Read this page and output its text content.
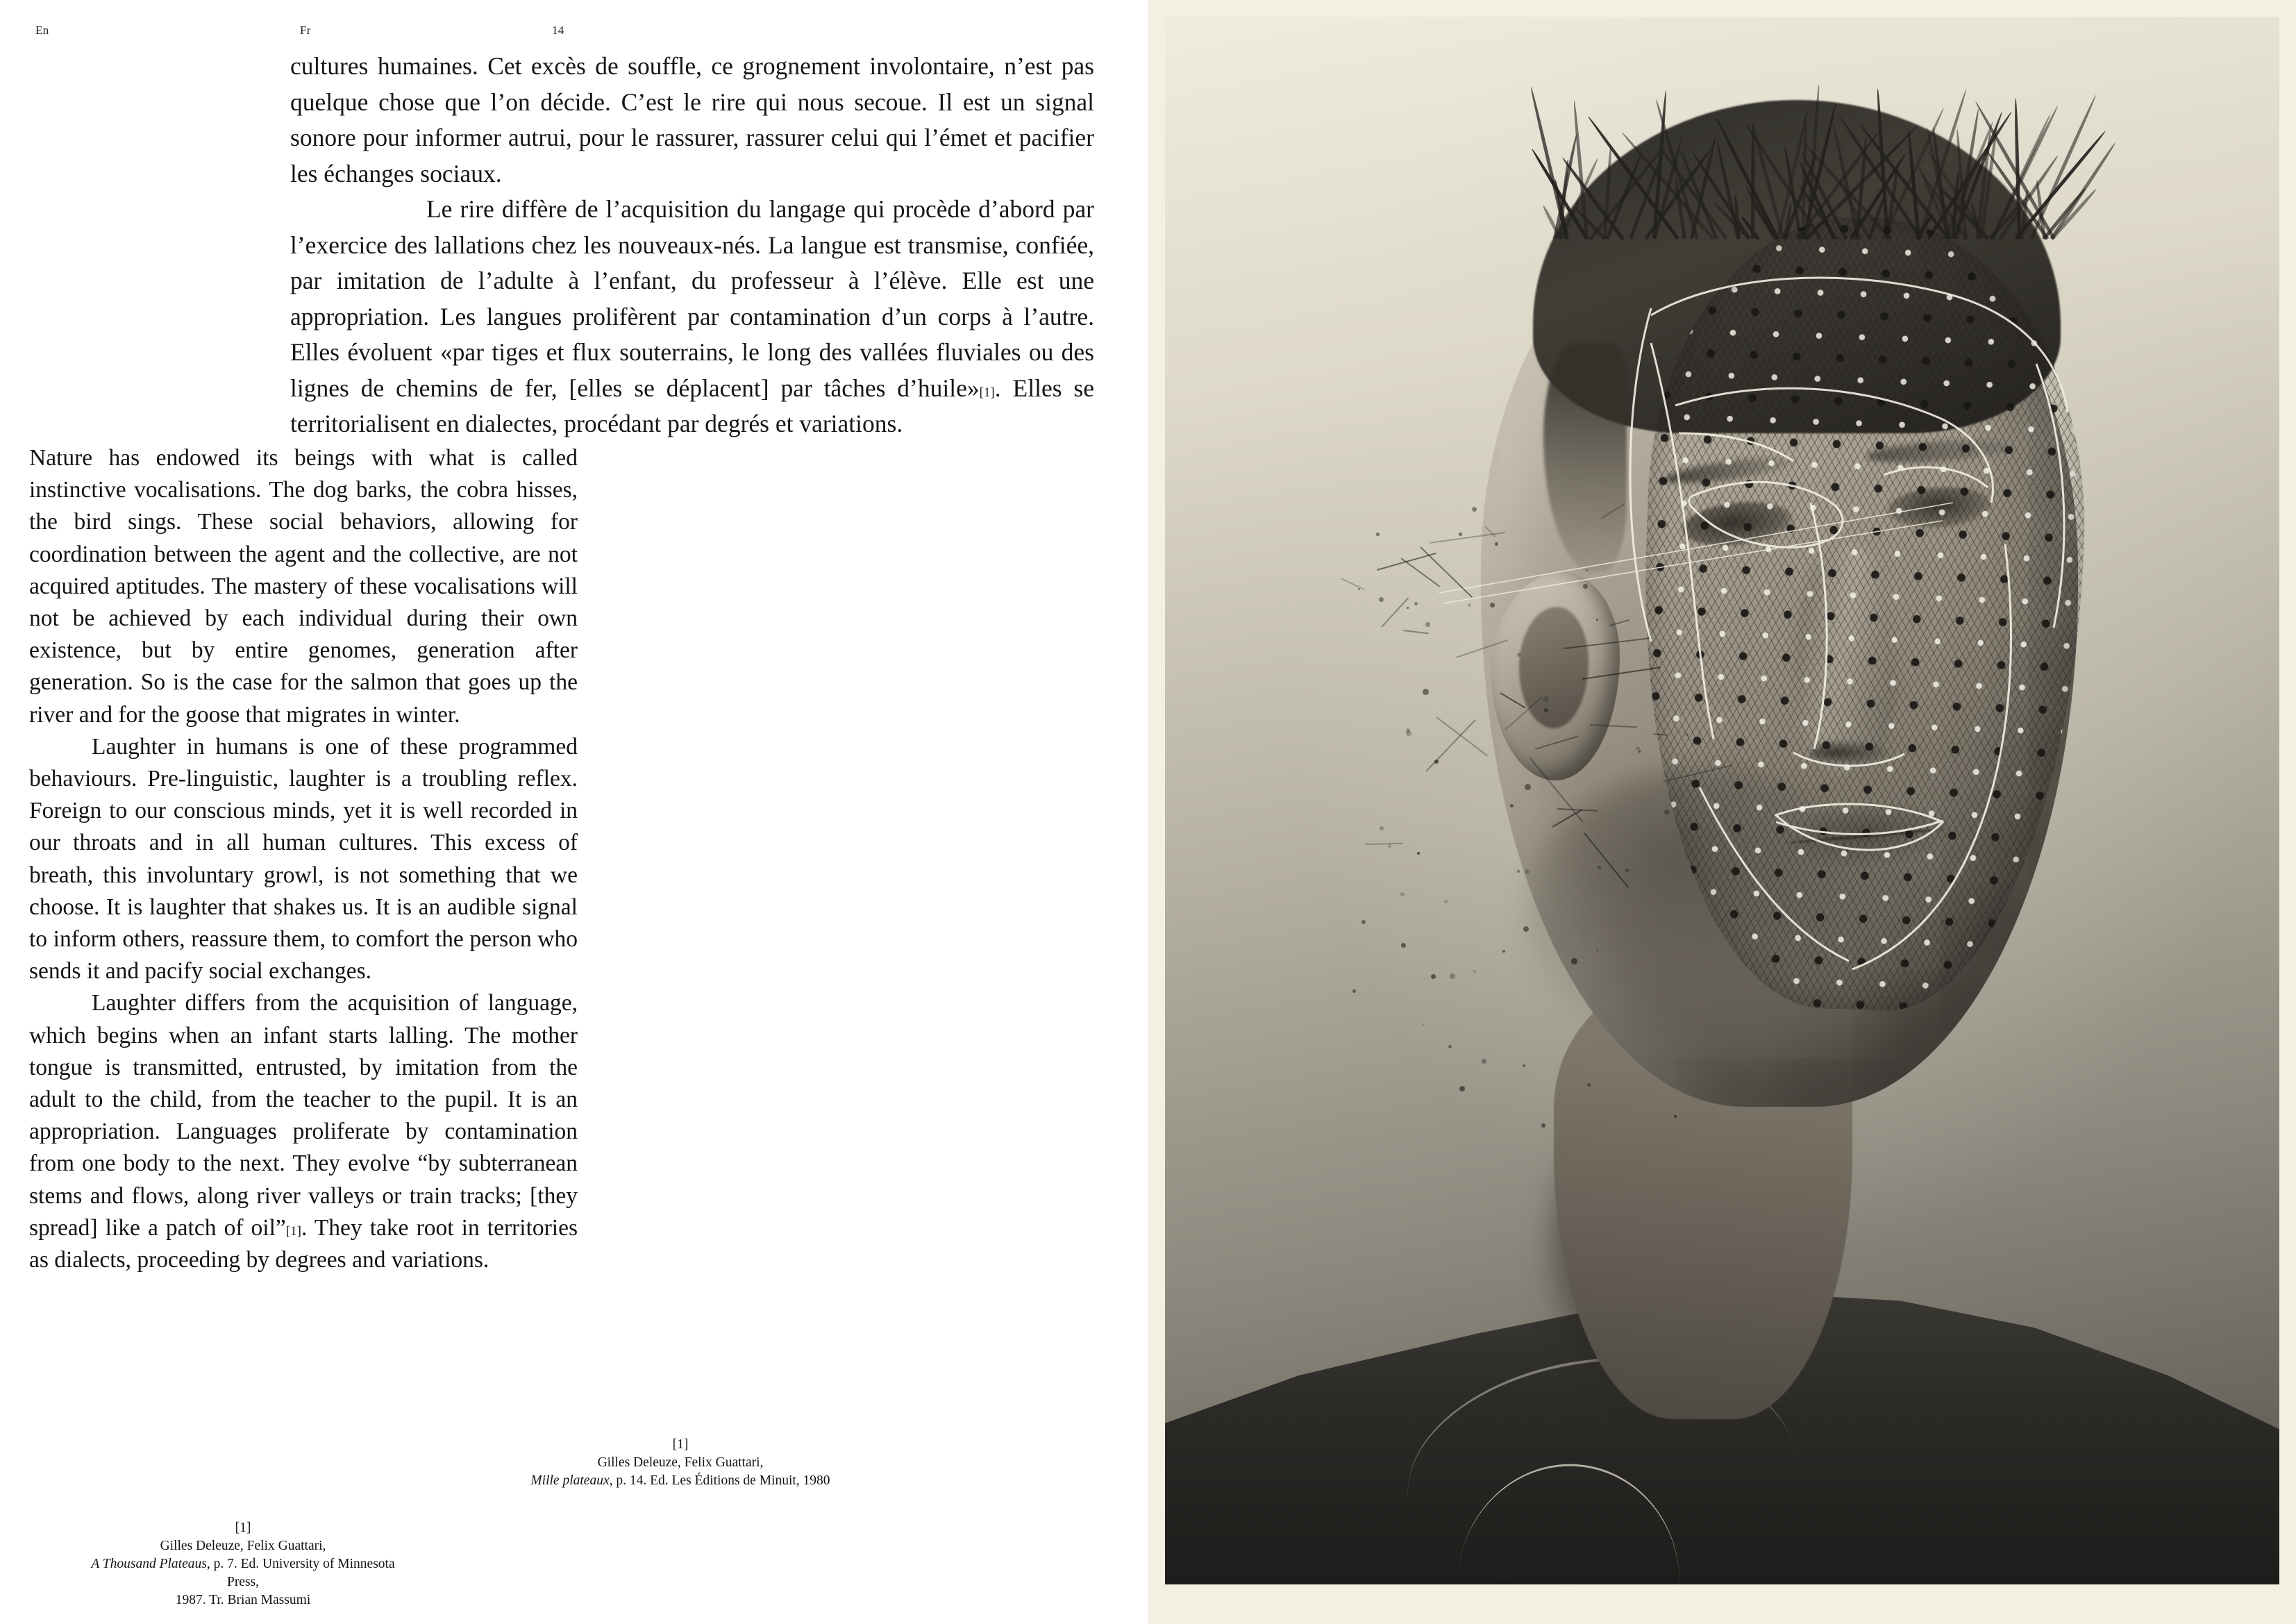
En	Fr	14

cultures humaines. Cet excès de souffle, ce grognement involontaire, n’est pas quelque chose que l’on décide. C’est le rire qui nous secoue. Il est un signal sonore pour informer autrui, pour le rassurer, rassurer celui qui l’émet et pacifier les échanges sociaux.

Le rire diffère de l’acquisition du langage qui procède d’abord par l’exercice des lallations chez les nouveaux-nés. La langue est transmise, confiée, par imitation de l’adulte à l’enfant, du professeur à l’élève. Elle est une appropriation. Les langues prolifèrent par contamination d’un corps à l’autre. Elles évoluent «par tiges et flux souterrains, le long des vallées fluviales ou des lignes de chemins de fer, [elles se déplacent] par tâches d’huile»[1]. Elles se territorialisent en dialectes, procédant par degrés et variations.

Nature has endowed its beings with what is called instinctive vocalisations. The dog barks, the cobra hisses, the bird sings. These social behaviors, allowing for coordination between the agent and the collective, are not acquired aptitudes. The mastery of these vocalisations will not be achieved by each individual during their own existence, but by entire genomes, generation after generation. So is the case for the salmon that goes up the river and for the goose that migrates in winter.

Laughter in humans is one of these programmed behaviours. Pre-linguistic, laughter is a troubling reflex. Foreign to our conscious minds, yet it is well recorded in our throats and in all human cultures. This excess of breath, this involuntary growl, is not something that we choose. It is laughter that shakes us. It is an audible signal to inform others, reassure them, to comfort the person who sends it and pacify social exchanges.

Laughter differs from the acquisition of language, which begins when an infant starts lalling. The mother tongue is transmitted, entrusted, by imitation from the adult to the child, from the teacher to the pupil. It is an appropriation. Languages proliferate by contamination from one body to the next. They evolve “by subterranean stems and flows, along river valleys or train tracks; [they spread] like a patch of oil”[1]. They take root in territories as dialects, proceeding by degrees and variations.

[1]
Gilles Deleuze, Felix Guattari,
Mille plateaux, p. 14. Ed. Les Éditions de Minuit, 1980
[1]
Gilles Deleuze, Felix Guattari,
A Thousand Plateaus, p. 7. Ed. University of Minnesota Press,
1987. Tr. Brian Massumi
